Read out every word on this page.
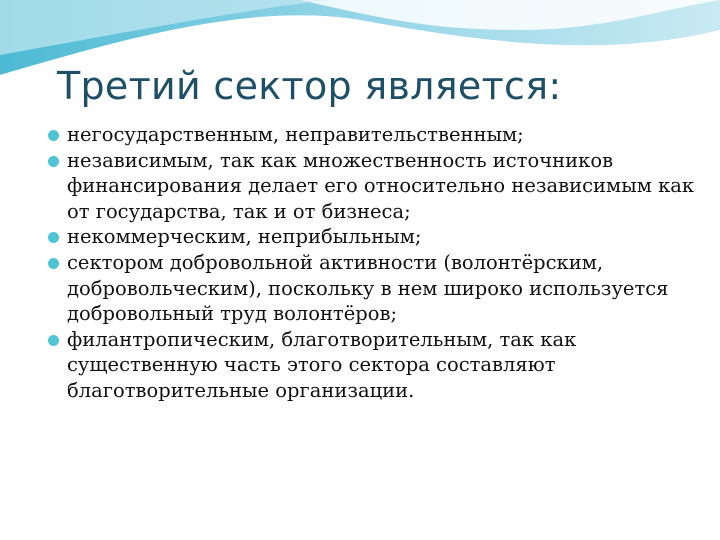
Третий сектор является:
негосударственным, неправительственным;
независимым, так как множественность источников финансирования делает его относительно независимым как от государства, так и от бизнеса;
некоммерческим, неприбыльным;
сектором добровольной активности (волонтёрским, добровольческим), поскольку в нем широко используется добровольный труд волонтёров;
филантропическим, благотворительным, так как существенную часть этого сектора составляют благотворительные организации.
